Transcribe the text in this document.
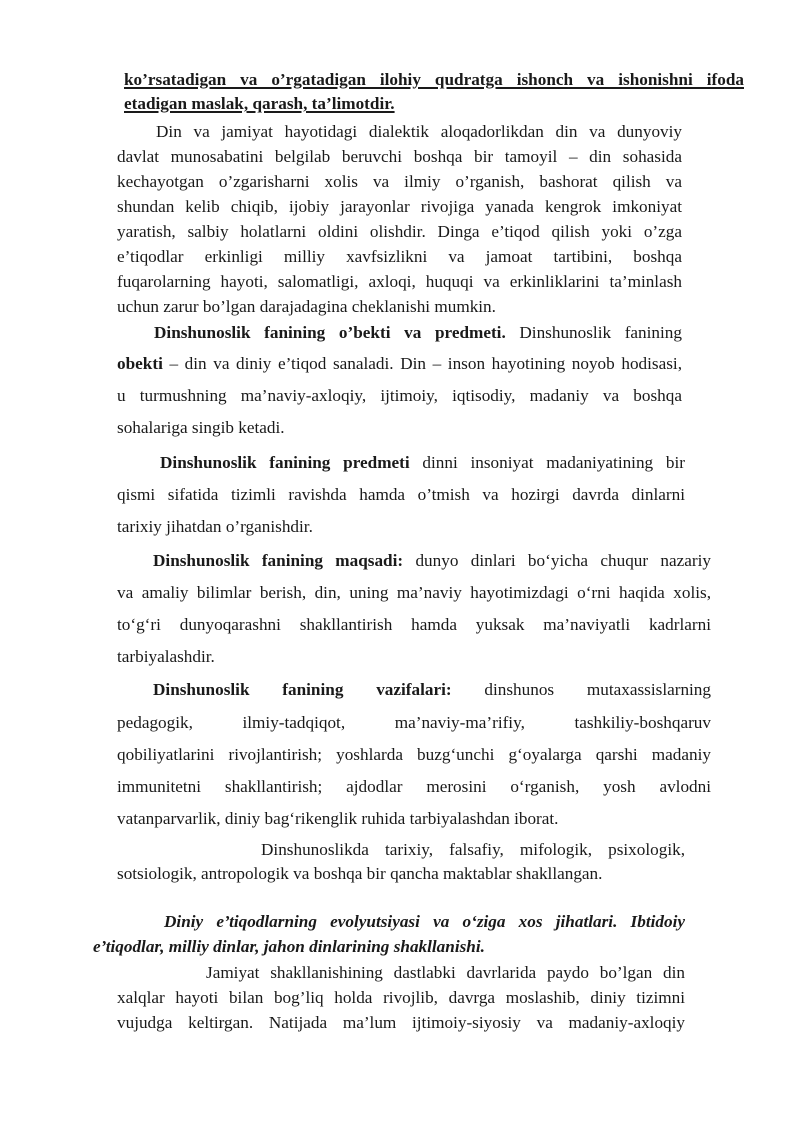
ko’rsatadigan va o’rgatadigan ilohiy qudratga ishonch va ishonishni ifoda
etadigan maslak, qarash, ta’limotdir.
Din va jamiyat hayotidagi dialektik aloqadorlikdan din va dunyoviy
davlat munosabatini belgilab beruvchi boshqa bir tamoyil – din sohasida
kechayotgan o’zgarisharni xolis va ilmiy o’rganish, bashorat qilish va
shundan kelib chiqib, ijobiy jarayonlar rivojiga yanada kengrok imkoniyat
yaratish, salbiy holatlarni oldini olishdir. Dinga e’tiqod qilish yoki o’zga
e’tiqodlar erkinligi milliy xavfsizlikni va jamoat tartibini, boshqa
fuqarolarning hayoti, salomatligi, axloqi, huquqi va erkinliklarini ta’minlash
uchun zarur bo’lgan darajadagina cheklanishi mumkin.
Dinshunoslik fanining o’bekti va predmeti. Dinshunoslik fanining
obekti – din va diniy e’tiqod sanaladi. Din – inson hayotining noyob hodisasi,
u turmushning ma’naviy-axloqiy, ijtimoiy, iqtisodiy, madaniy va boshqa
sohalariga singib ketadi.
Dinshunoslik fanining predmeti dinni insoniyat madaniyatining bir
qismi sifatida tizimli ravishda hamda o’tmish va hozirgi davrda dinlarni
tarixiy jihatdan o’rganishdir.
Dinshunoslik fanining maqsadi: dunyo dinlari bo‘yicha chuqur nazariy
va amaliy bilimlar berish, din, uning ma’naviy hayotimizdagi o‘rni haqida xolis,
to‘g‘ri dunyoqarashni shakllantirish hamda yuksak ma’naviyatli kadrlarni
tarbiyalashdir.
Dinshunoslik fanining vazifalari: dinshunos mutaxassislarning
pedagogik, ilmiy-tadqiqot, ma’naviy-ma’rifiy, tashkiliy-boshqaruv
qobiliyatlarini rivojlantirish; yoshlarda buzg‘unchi g‘oyalarga qarshi madaniy
immunitetni shakllantirish; ajdodlar merosini o‘rganish, yosh avlodni
vatanparvarlik, diniy bag‘rikenglik ruhida tarbiyalashdan iborat.
Dinshunoslikda tarixiy, falsafiy, mifologik, psixologik,
sotsiologik, antropologik va boshqa bir qancha maktablar shakllangan.
Diniy e’tiqodlarning evolyutsiyasi va o‘ziga xos jihatlari. Ibtidoiy
e’tiqodlar, milliy dinlar, jahon dinlarining shakllanishi.
Jamiyat shakllanishining dastlabki davrlarida paydo bo’lgan din
xalqlar hayoti bilan bog’liq holda rivojlib, davrga moslashib, diniy tizimni
vujudga keltirgan. Natijada ma’lum ijtimoiy-siyosiy va madaniy-axloqiy
